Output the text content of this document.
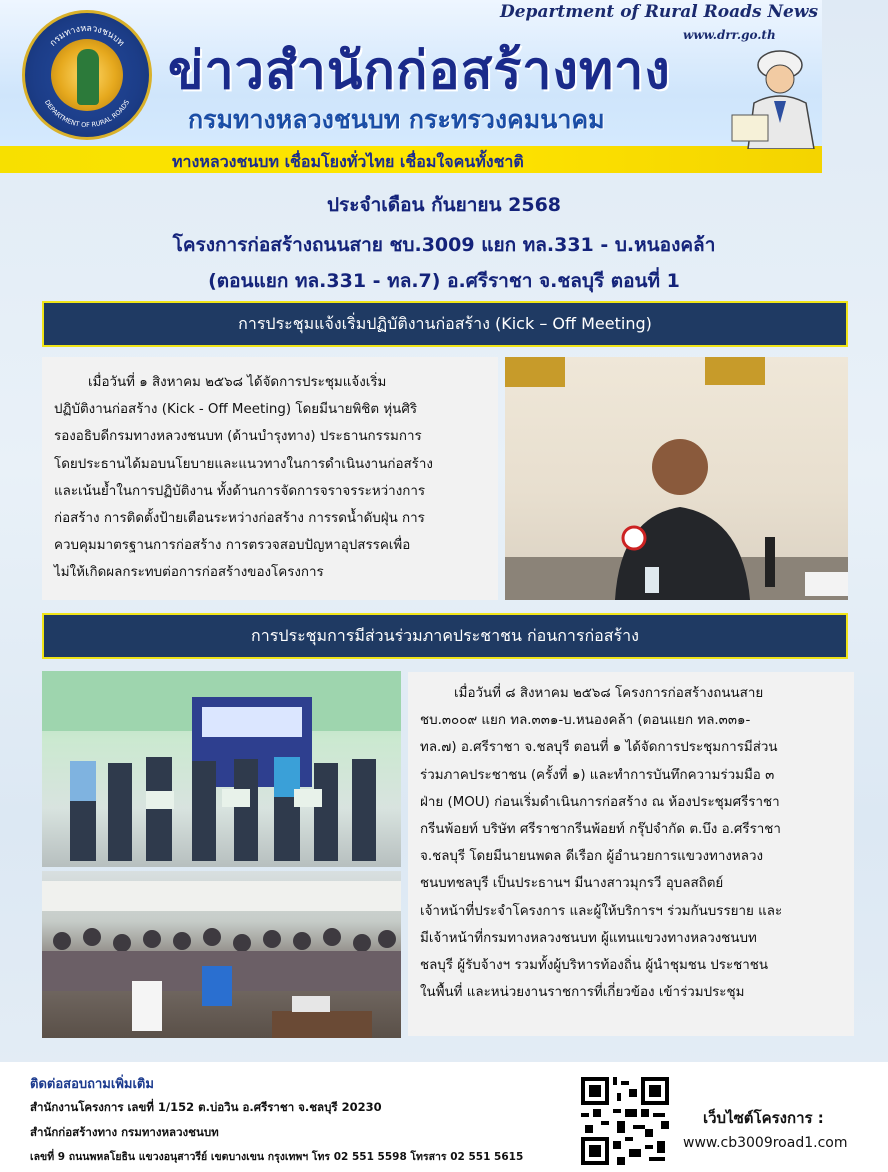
กรมทางหลวงชนบท
DEPARTMENT OF RURAL ROADS
Department of Rural Roads News
www.drr.go.th
ข่าวสำนักก่อสร้างทาง
กรมทางหลวงชนบท กระทรวงคมนาคม
ทางหลวงชนบท เชื่อมโยงทั่วไทย เชื่อมใจคนทั้งชาติ
ประจำเดือน กันยายน 2568
โครงการก่อสร้างถนนสาย ชบ.3009 แยก ทล.331 - บ.หนองคล้า
(ตอนแยก ทล.331 - ทล.7) อ.ศรีราชา จ.ชลบุรี ตอนที่ 1
การประชุมแจ้งเริ่มปฏิบัติงานก่อสร้าง (Kick – Off Meeting)
เมื่อวันที่ ๑ สิงหาคม ๒๕๖๘ ได้จัดการประชุมแจ้งเริ่ม
ปฏิบัติงานก่อสร้าง (Kick - Off Meeting) โดยมีนายพิชิต หุ่นศิริ
รองอธิบดีกรมทางหลวงชนบท (ด้านบำรุงทาง) ประธานกรรมการ
โดยประธานได้มอบนโยบายและแนวทางในการดำเนินงานก่อสร้าง
และเน้นย้ำในการปฏิบัติงาน ทั้งด้านการจัดการจราจรระหว่างการ
ก่อสร้าง การติดตั้งป้ายเตือนระหว่างก่อสร้าง การรดน้ำดับฝุ่น การ
ควบคุมมาตรฐานการก่อสร้าง การตรวจสอบปัญหาอุปสรรคเพื่อ
ไม่ให้เกิดผลกระทบต่อการก่อสร้างของโครงการ
การประชุมการมีส่วนร่วมภาคประชาชน ก่อนการก่อสร้าง
เมื่อวันที่ ๘ สิงหาคม ๒๕๖๘ โครงการก่อสร้างถนนสาย
ชบ.๓๐๐๙ แยก ทล.๓๓๑-บ.หนองคล้า (ตอนแยก ทล.๓๓๑-
ทล.๗) อ.ศรีราชา จ.ชลบุรี ตอนที่ ๑ ได้จัดการประชุมการมีส่วน
ร่วมภาคประชาชน (ครั้งที่ ๑) และทำการบันทึกความร่วมมือ ๓
ฝ่าย (MOU) ก่อนเริ่มดำเนินการก่อสร้าง ณ ห้องประชุมศรีราชา
กรีนพ้อยท์ บริษัท ศรีราชากรีนพ้อยท์ กรุ๊ปจำกัด ต.บึง อ.ศรีราชา
จ.ชลบุรี โดยมีนายนพดล ดีเรือก ผู้อำนวยการแขวงทางหลวง
ชนบทชลบุรี เป็นประธานฯ มีนางสาวมุกรวี อุบลสถิตย์
เจ้าหน้าที่ประจำโครงการ และผู้ให้บริการฯ ร่วมกันบรรยาย และ
มีเจ้าหน้าที่กรมทางหลวงชนบท ผู้แทนแขวงทางหลวงชนบท
ชลบุรี ผู้รับจ้างฯ รวมทั้งผู้บริหารท้องถิ่น ผู้นำชุมชน ประชาชน
ในพื้นที่ และหน่วยงานราชการที่เกี่ยวข้อง เข้าร่วมประชุม
ติดต่อสอบถามเพิ่มเติม
สำนักงานโครงการ เลขที่ 1/152 ต.บ่อวิน อ.ศรีราชา จ.ชลบุรี 20230
สำนักก่อสร้างทาง กรมทางหลวงชนบท
เลขที่ 9 ถนนพหลโยธิน แขวงอนุสาวรีย์ เขตบางเขน กรุงเทพฯ โทร 02 551 5598 โทรสาร 02 551 5615
เว็บไซต์โครงการ :
www.cb3009road1.com
